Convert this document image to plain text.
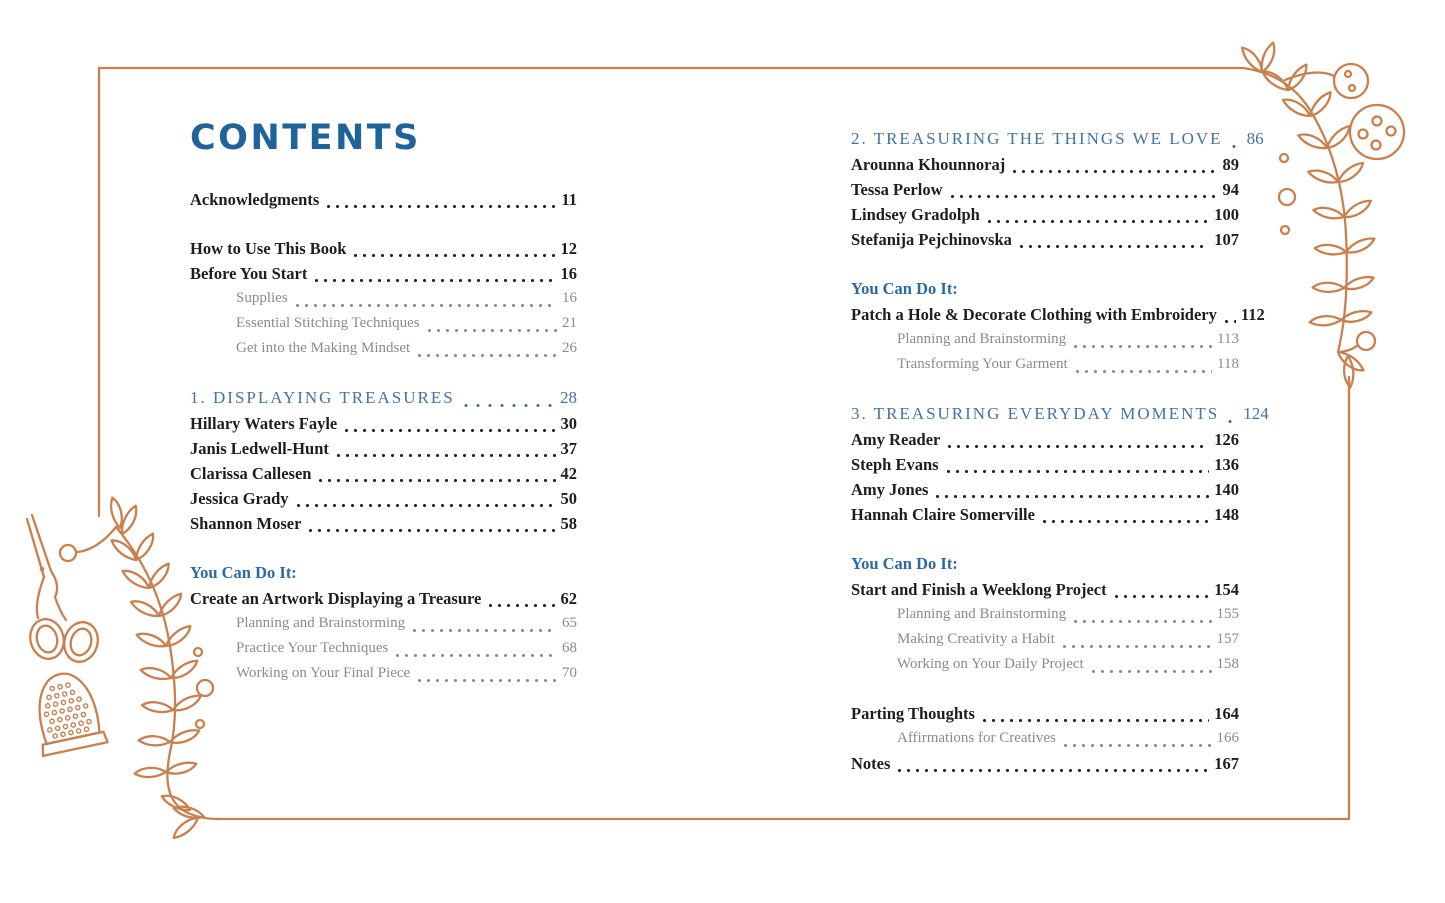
CONTENTS
Acknowledgments	11
How to Use This Book	12
Before You Start	16
Supplies	16
Essential Stitching Techniques	21
Get into the Making Mindset	26
1. DISPLAYING TREASURES	28
Hillary Waters Fayle	30
Janis Ledwell-Hunt	37
Clarissa Callesen	42
Jessica Grady	50
Shannon Moser	58
You Can Do It:
Create an Artwork Displaying a Treasure	62
Planning and Brainstorming	65
Practice Your Techniques	68
Working on Your Final Piece	70
2. TREASURING THE THINGS WE LOVE 86
Arounna Khounnoraj	89
Tessa Perlow	94
Lindsey Gradolph	100
Stefanija Pejchinovska	107
You Can Do It:
Patch a Hole & Decorate Clothing with Embroidery 112
Planning and Brainstorming	113
Transforming Your Garment	118
3. TREASURING EVERYDAY MOMENTS 124
Amy Reader	126
Steph Evans	136
Amy Jones	140
Hannah Claire Somerville	148
You Can Do It:
Start and Finish a Weeklong Project	154
Planning and Brainstorming	155
Making Creativity a Habit	157
Working on Your Daily Project	158
Parting Thoughts	164
Affirmations for Creatives	166
Notes	167
